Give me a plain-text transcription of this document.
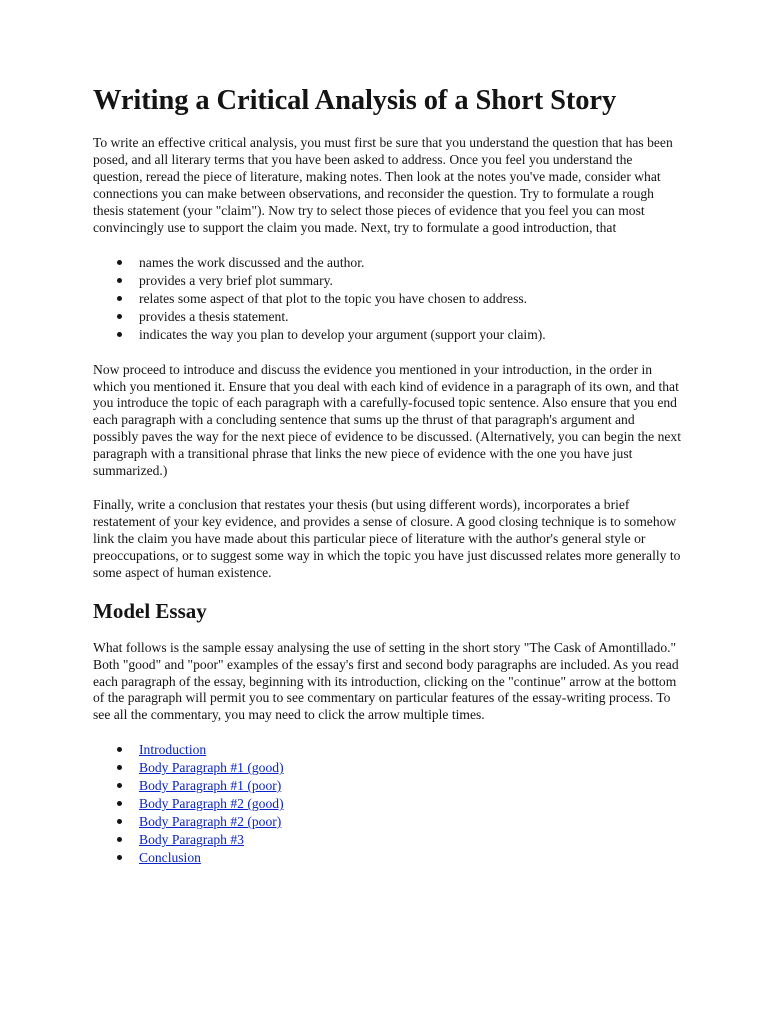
Writing a Critical Analysis of a Short Story

To write an effective critical analysis, you must first be sure that you understand the question that has been posed, and all literary terms that you have been asked to address. Once you feel you understand the question, reread the piece of literature, making notes. Then look at the notes you've made, consider what connections you can make between observations, and reconsider the question. Try to formulate a rough thesis statement (your "claim"). Now try to select those pieces of evidence that you feel you can most convincingly use to support the claim you made. Next, try to formulate a good introduction, that

names the work discussed and the author.
provides a very brief plot summary.
relates some aspect of that plot to the topic you have chosen to address.
provides a thesis statement.
indicates the way you plan to develop your argument (support your claim).

Now proceed to introduce and discuss the evidence you mentioned in your introduction, in the order in which you mentioned it. Ensure that you deal with each kind of evidence in a paragraph of its own, and that you introduce the topic of each paragraph with a carefully-focused topic sentence. Also ensure that you end each paragraph with a concluding sentence that sums up the thrust of that paragraph's argument and possibly paves the way for the next piece of evidence to be discussed. (Alternatively, you can begin the next paragraph with a transitional phrase that links the new piece of evidence with the one you have just summarized.)

Finally, write a conclusion that restates your thesis (but using different words), incorporates a brief restatement of your key evidence, and provides a sense of closure. A good closing technique is to somehow link the claim you have made about this particular piece of literature with the author's general style or preoccupations, or to suggest some way in which the topic you have just discussed relates more generally to some aspect of human existence.

Model Essay

What follows is the sample essay analysing the use of setting in the short story "The Cask of Amontillado." Both "good" and "poor" examples of the essay's first and second body paragraphs are included. As you read each paragraph of the essay, beginning with its introduction, clicking on the "continue" arrow at the bottom of the paragraph will permit you to see commentary on particular features of the essay-writing process. To see all the commentary, you may need to click the arrow multiple times.

Introduction
Body Paragraph #1 (good)
Body Paragraph #1 (poor)
Body Paragraph #2 (good)
Body Paragraph #2 (poor)
Body Paragraph #3
Conclusion
